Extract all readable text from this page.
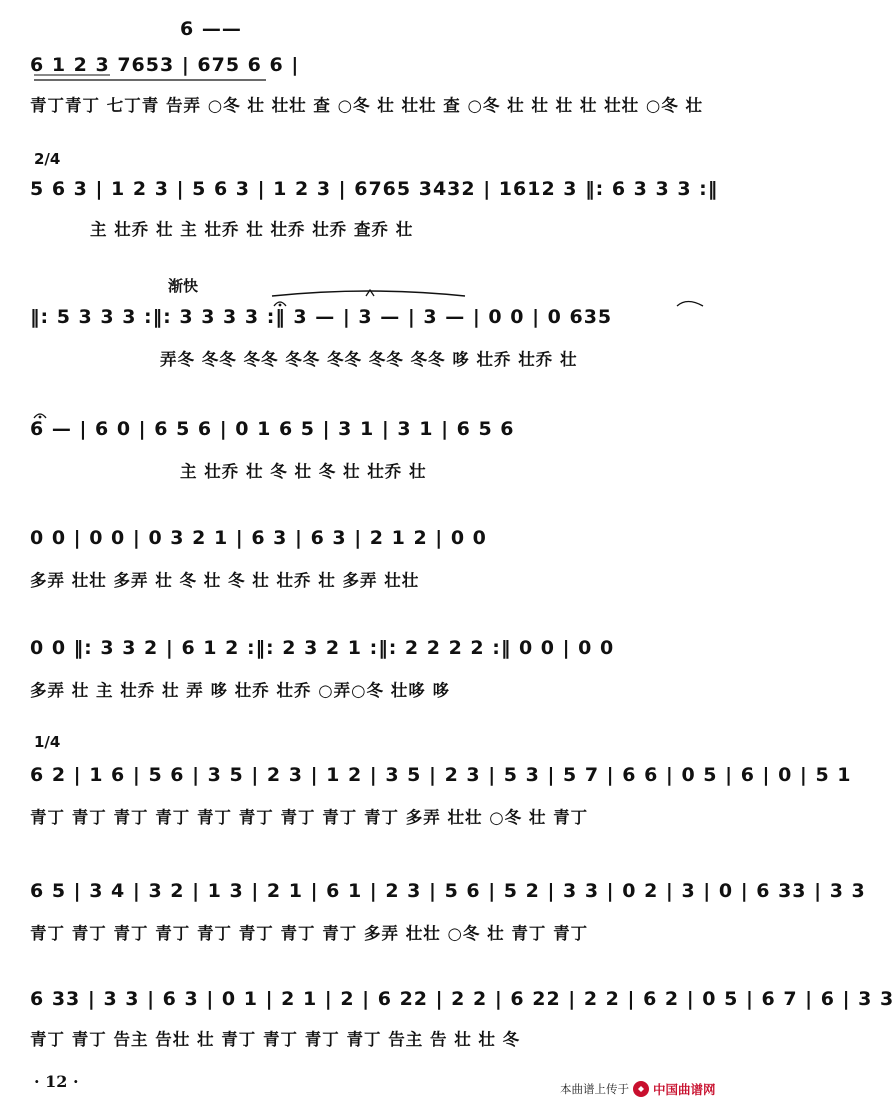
6 ——
6 1 2 3 7653 | 675 6 6 |
青丁青丁 七丁青 告弄 ○冬 壮 壮壮 查 ○冬 壮 壮壮 查 ○冬 壮 壮 壮 壮 壮壮 ○冬 壮
2/4
5 6 3 | 1 2 3 | 5 6 3 | 1 2 3 | 6765 3432 | 1612 3 ‖: 6 3 3 3 :‖
主 壮乔 壮 主 壮乔 壮 壮乔 壮乔 查乔 壮
渐快
‖: 5 3 3 3 :‖: 3 3 3 3 :‖ 3 — | 3 — | 3 — | 0 0 | 0 635
弄冬 冬冬 冬冬 冬冬 冬冬 冬冬 冬冬 哆 壮乔 壮乔 壮
6 — | 6 0 | 6 5 6 | 0 1 6 5 | 3 1 | 3 1 | 6 5 6
主 壮乔 壮 冬 壮 冬 壮 壮乔 壮
0 0 | 0 0 | 0 3 2 1 | 6 3 | 6 3 | 2 1 2 | 0 0
多弄 壮壮 多弄 壮 冬 壮 冬 壮 壮乔 壮 多弄 壮壮
0 0 ‖: 3 3 2 | 6 1 2 :‖: 2 3 2 1 :‖: 2 2 2 2 :‖ 0 0 | 0 0
多弄 壮 主 壮乔 壮 弄 哆 壮乔 壮乔 ○弄○冬 壮哆 哆
1/4
6 2 | 1 6 | 5 6 | 3 5 | 2 3 | 1 2 | 3 5 | 2 3 | 5 3 | 5 7 | 6 6 | 0 5 | 6 | 0 | 5 1
青丁 青丁 青丁 青丁 青丁 青丁 青丁 青丁 青丁 多弄 壮壮 ○冬 壮 青丁
6 5 | 3 4 | 3 2 | 1 3 | 2 1 | 6 1 | 2 3 | 5 6 | 5 2 | 3 3 | 0 2 | 3 | 0 | 6 33 | 3 3
青丁 青丁 青丁 青丁 青丁 青丁 青丁 青丁 多弄 壮壮 ○冬 壮 青丁 青丁
6 33 | 3 3 | 6 3 | 0 1 | 2 1 | 2 | 6 22 | 2 2 | 6 22 | 2 2 | 6 2 | 0 5 | 6 7 | 6 | 3 3
青丁 青丁 告主 告壮 壮 青丁 青丁 青丁 青丁 告主 告 壮 壮 冬
· 12 ·	本曲谱上传于 中国曲谱网
